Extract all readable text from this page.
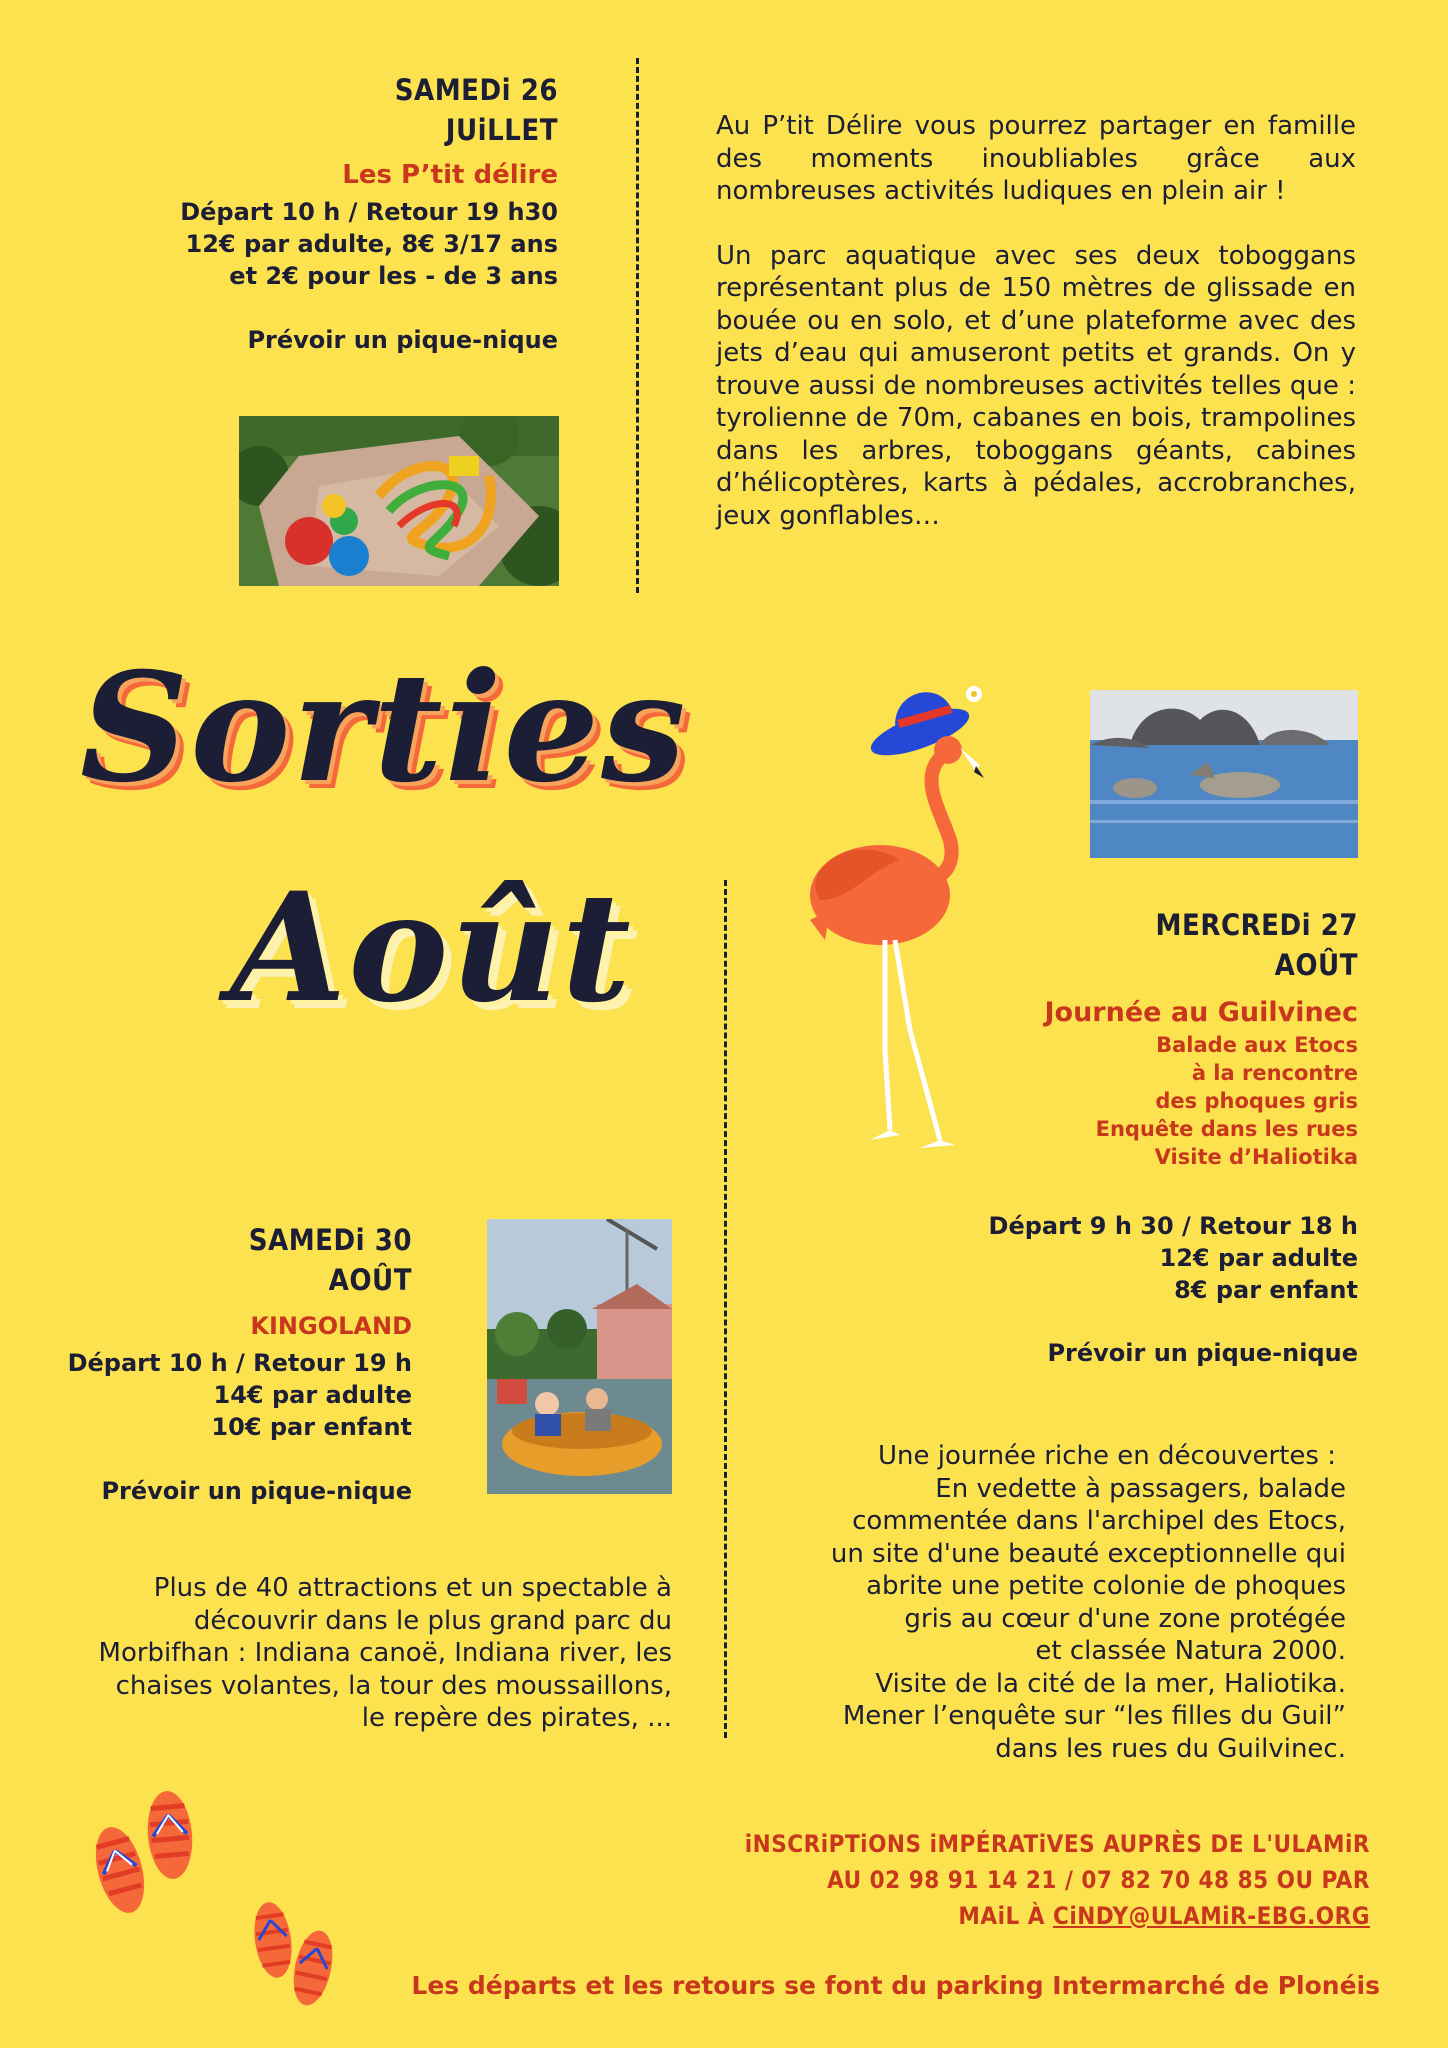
SAMEDi 26
JUiLLET
Les P’tit délire
Départ 10 h / Retour 19 h30
12€ par adulte, 8€ 3/17 ans
et 2€ pour les - de 3 ans
Prévoir un pique-nique
Au P’tit Délire vous pourrez partager en famille des moments inoubliables grâce aux nombreuses activités ludiques en plein air !
Un parc aquatique avec ses deux toboggans représentant plus de 150 mètres de glissade en bouée ou en solo, et d’une plateforme avec des jets d’eau qui amuseront petits et grands. On y trouve aussi de nombreuses activités telles que : tyrolienne de 70m, cabanes en bois, trampolines dans les arbres, toboggans géants, cabines d’hélicoptères, karts à pédales, accrobranches, jeux gonflables…
Sorties
Août	MERCREDi 27
AOÛT
Journée au Guilvinec
Balade aux Etocs
à la rencontre
des phoques gris
Enquête dans les rues
Visite d’Haliotika
Départ 9 h 30 / Retour 18 h
12€ par adulte
8€ par enfant
Prévoir un pique-nique
Une journée riche en découvertes :
En vedette à passagers, balade
commentée dans l'archipel des Etocs,
un site d'une beauté exceptionnelle qui
abrite une petite colonie de phoques
gris au cœur d'une zone protégée
et classée Natura 2000.
Visite de la cité de la mer, Haliotika.
Mener l’enquête sur “les filles du Guil”
dans les rues du Guilvinec.
SAMEDi 30
AOÛT
KINGOLAND
Départ 10 h / Retour 19 h
14€ par adulte
10€ par enfant
Prévoir un pique-nique
Plus de 40 attractions et un spectable à
découvrir dans le plus grand parc du
Morbifhan : Indiana canoë, Indiana river, les
chaises volantes, la tour des moussaillons,
le repère des pirates, ...
iNSCRiPTiONS iMPÉRATiVES AUPRÈS DE L'ULAMiR
AU 02 98 91 14 21 / 07 82 70 48 85 OU PAR
MAiL À CiNDY@ULAMiR-EBG.ORG
Les départs et les retours se font du parking Intermarché de Plonéis
